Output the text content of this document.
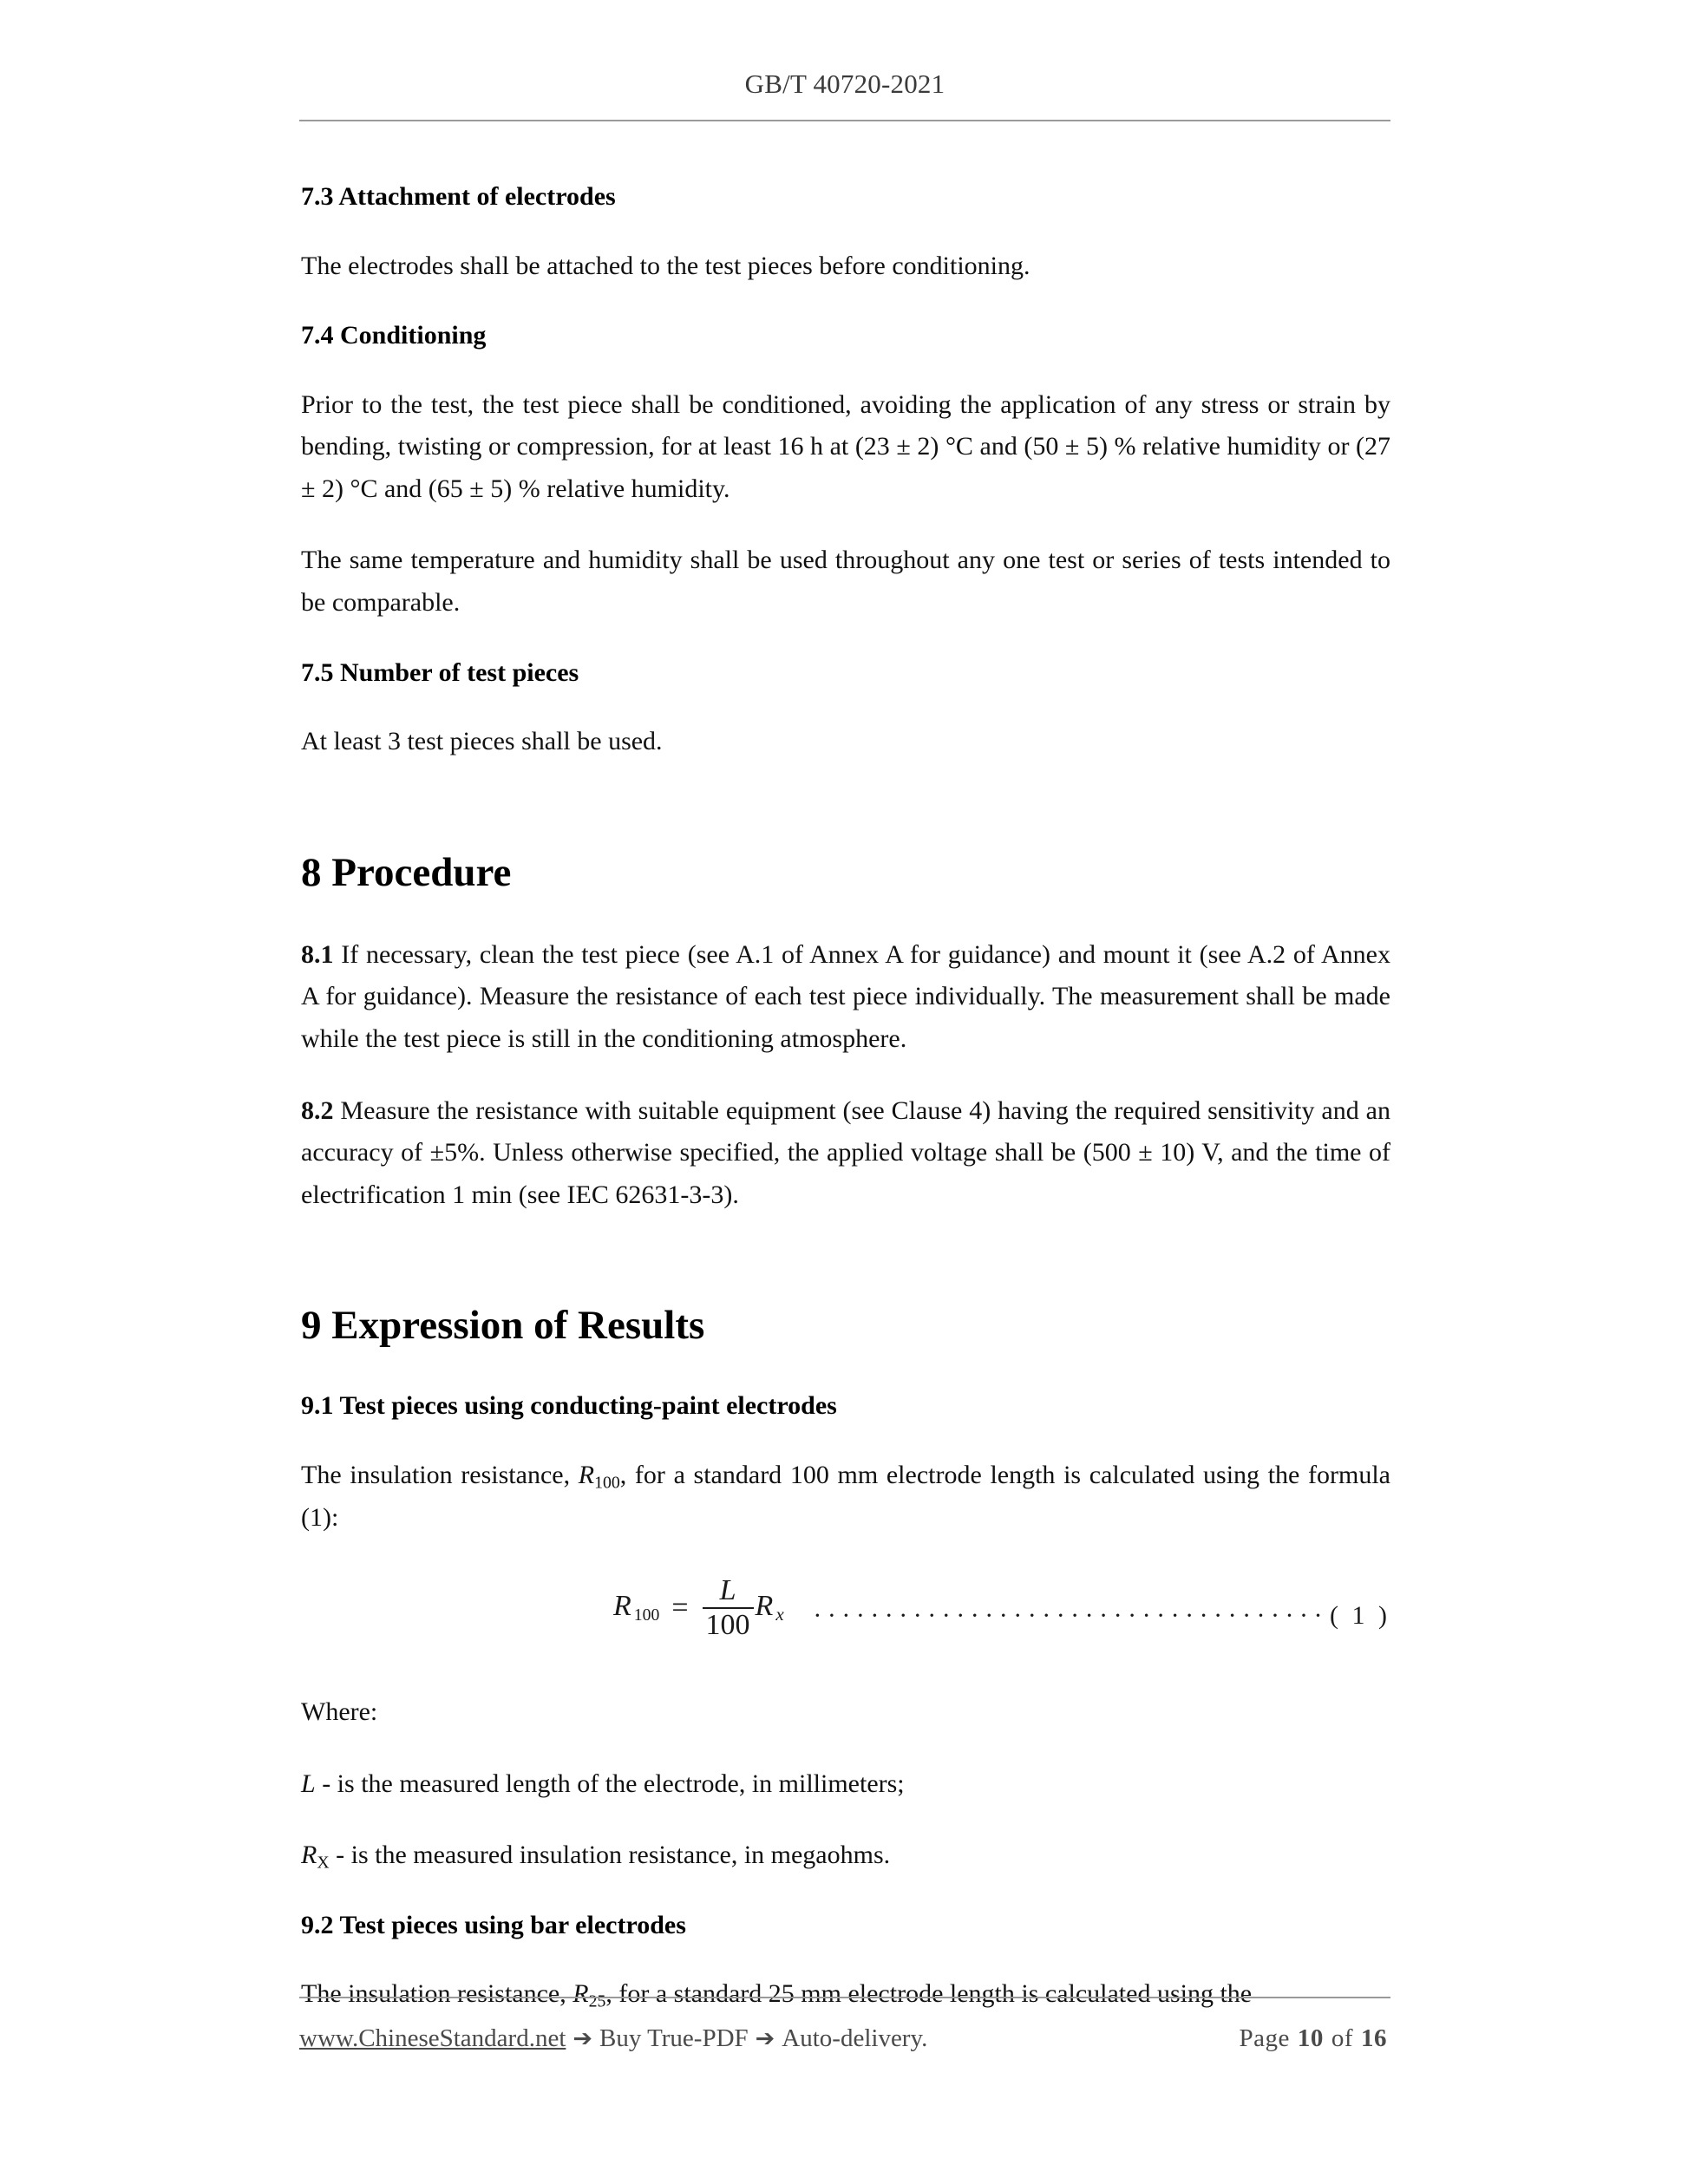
GB/T 40720-2021
7.3 Attachment of electrodes

The electrodes shall be attached to the test pieces before conditioning.

7.4 Conditioning

Prior to the test, the test piece shall be conditioned, avoiding the application of any stress or strain by bending, twisting or compression, for at least 16 h at (23 ± 2) °C and (50 ± 5) % relative humidity or (27 ± 2) °C and (65 ± 5) % relative humidity.

The same temperature and humidity shall be used throughout any one test or series of tests intended to be comparable.

7.5 Number of test pieces

At least 3 test pieces shall be used.

8 Procedure

8.1 If necessary, clean the test piece (see A.1 of Annex A for guidance) and mount it (see A.2 of Annex A for guidance). Measure the resistance of each test piece individually. The measurement shall be made while the test piece is still in the conditioning atmosphere.

8.2 Measure the resistance with suitable equipment (see Clause 4) having the required sensitivity and an accuracy of ±5%. Unless otherwise specified, the applied voltage shall be (500 ± 10) V, and the time of electrification 1 min (see IEC 62631-3-3).

9 Expression of Results
9.1 Test pieces using conducting-paint electrodes

The insulation resistance, $R_{100}$, for a standard 100 mm electrode length is calculated using the formula (1):

R $100 = \frac{L}{100}$ Rx ···································· ( 1 )

Where:

L - is the measured length of the electrode, in millimeters;

$R_X$ - is the measured insulation resistance, in megaohms.

9.2 Test pieces using bar electrodes

The insulation resistance, $R_{25}$, for a standard 25 mm electrode length is calculated using the

www.ChineseStandard.net ➔ Buy True-PDF ➔ Auto-delivery.	Page 10 of 16
